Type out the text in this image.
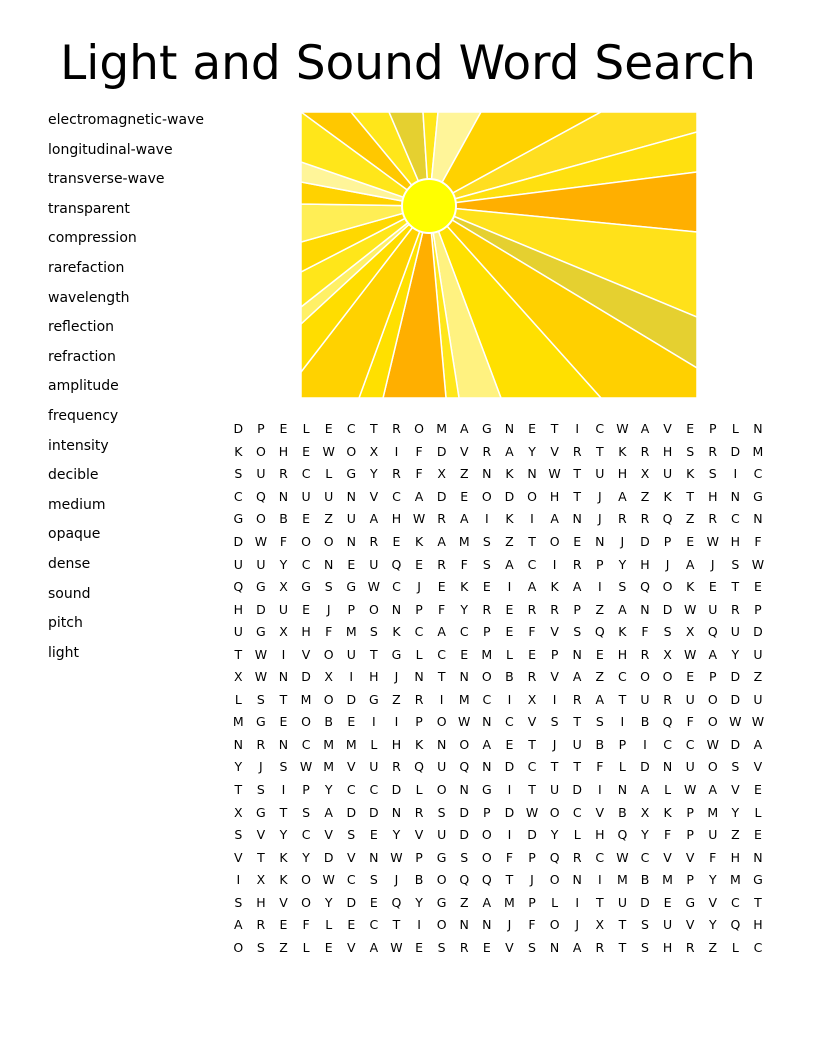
Light and Sound Word Search
electromagnetic-wave
longitudinal-wave
transverse-wave
transparent
compression
rarefaction
wavelength
reflection
refraction
amplitude
frequency
intensity
decible
medium
opaque
dense
sound
pitch
light
D	P	E	L	E	C	T	R	O	M	A	G	N	E	T	I	C	W	A	V	E	P	L	N
K	O	H	E	W	O	X	I	F	D	V	R	A	Y	V	R	T	K	R	H	S	R	D	M
S	U	R	C	L	G	Y	R	F	X	Z	N	K	N	W	T	U	H	X	U	K	S	I	C
C	Q	N	U	U	N	V	C	A	D	E	O	D	O	H	T	J	A	Z	K	T	H	N	G
G	O	B	E	Z	U	A	H	W	R	A	I	K	I	A	N	J	R	R	Q	Z	R	C	N
D	W	F	O	O	N	R	E	K	A	M	S	Z	T	O	E	N	J	D	P	E	W	H	F
U	U	Y	C	N	E	U	Q	E	R	F	S	A	C	I	R	P	Y	H	J	A	J	S	W
Q	G	X	G	S	G	W	C	J	E	K	E	I	A	K	A	I	S	Q	O	K	E	T	E
H	D	U	E	J	P	O	N	P	F	Y	R	E	R	R	P	Z	A	N	D	W	U	R	P
U	G	X	H	F	M	S	K	C	A	C	P	E	F	V	S	Q	K	F	S	X	Q	U	D
T	W	I	V	O	U	T	G	L	C	E	M	L	E	P	N	E	H	R	X	W	A	Y	U
X	W	N	D	X	I	H	J	N	T	N	O	B	R	V	A	Z	C	O	O	E	P	D	Z
L	S	T	M	O	D	G	Z	R	I	M	C	I	X	I	R	A	T	U	R	U	O	D	U
M	G	E	O	B	E	I	I	P	O	W	N	C	V	S	T	S	I	B	Q	F	O	W	W
N	R	N	C	M	M	L	H	K	N	O	A	E	T	J	U	B	P	I	C	C	W	D	A
Y	J	S	W	M	V	U	R	Q	U	Q	N	D	C	T	T	F	L	D	N	U	O	S	V
T	S	I	P	Y	C	C	D	L	O	N	G	I	T	U	D	I	N	A	L	W	A	V	E
X	G	T	S	A	D	D	N	R	S	D	P	D	W	O	C	V	B	X	K	P	M	Y	L
S	V	Y	C	V	S	E	Y	V	U	D	O	I	D	Y	L	H	Q	Y	F	P	U	Z	E
V	T	K	Y	D	V	N	W	P	G	S	O	F	P	Q	R	C	W	C	V	V	F	H	N
I	X	K	O	W	C	S	J	B	O	Q	Q	T	J	O	N	I	M	B	M	P	Y	M	G
S	H	V	O	Y	D	E	Q	Y	G	Z	A	M	P	L	I	T	U	D	E	G	V	C	T
A	R	E	F	L	E	C	T	I	O	N	N	J	F	O	J	X	T	S	U	V	Y	Q	H
O	S	Z	L	E	V	A	W	E	S	R	E	V	S	N	A	R	T	S	H	R	Z	L	C
